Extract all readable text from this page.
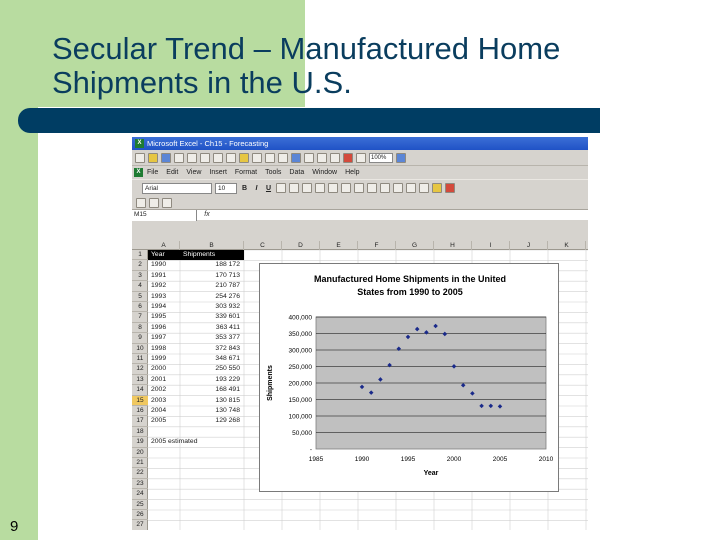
Secular Trend – Manufactured Home
Shipments in the U.S.
9
X Microsoft Excel - Ch15 - Forecasting
100%
X File	Edit	View	Insert	Format	Tools	Data	Window	Help
Arial	10	B	I	U
M15	fx
A	B	C	D	E	F	G	H	I	J	K
1
2
3
4
5
6
7
8
9
10
11
12
13
14
15
16
17
18
19
20
21
22
23
24
25
26
27
Year	Shipments
1990	188 172
1991	170 713
1992	210 787
1993	254 276
1994	303 932
1995	339 601
1996	363 411
1997	353 377
1998	372 843
1999	348 671
2000	250 550
2001	193 229
2002	168 491
2003	130 815
2004	130 748
2005	129 268
2005 estimated
Manufactured Home Shipments in the United
States from 1990 to 2005
-
50,000
100,000
150,000
200,000
250,000
300,000
350,000
400,000
1985	1990	1995	2000	2005	2010
Year
Shipments
